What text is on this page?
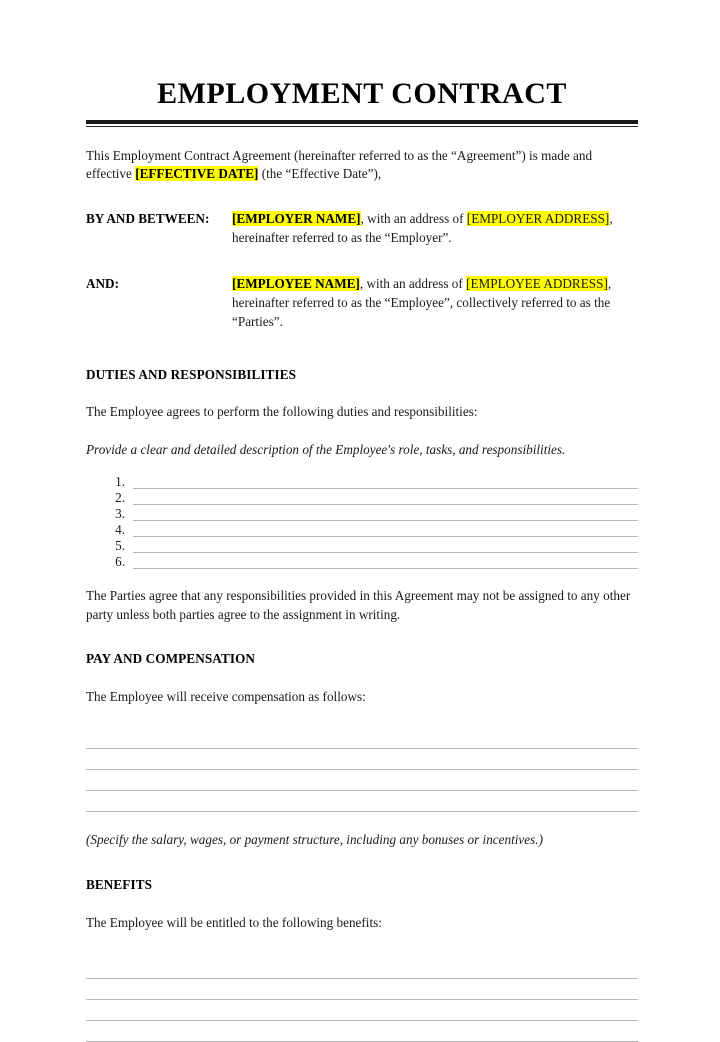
EMPLOYMENT CONTRACT

This Employment Contract Agreement (hereinafter referred to as the “Agreement”) is made and effective [EFFECTIVE DATE] (the “Effective Date”),

BY AND BETWEEN:	[EMPLOYER NAME], with an address of [EMPLOYER ADDRESS], hereinafter referred to as the “Employer”.
AND:	[EMPLOYEE NAME], with an address of [EMPLOYEE ADDRESS], hereinafter referred to as the “Employee”, collectively referred to as the “Parties”.
DUTIES AND RESPONSIBILITIES

The Employee agrees to perform the following duties and responsibilities:

Provide a clear and detailed description of the Employee's role, tasks, and responsibilities.

1.
2.
3.
4.
5.
6.

The Parties agree that any responsibilities provided in this Agreement may not be assigned to any other party unless both parties agree to the assignment in writing.

PAY AND COMPENSATION

The Employee will receive compensation as follows:

(Specify the salary, wages, or payment structure, including any bonuses or incentives.)

BENEFITS

The Employee will be entitled to the following benefits:
